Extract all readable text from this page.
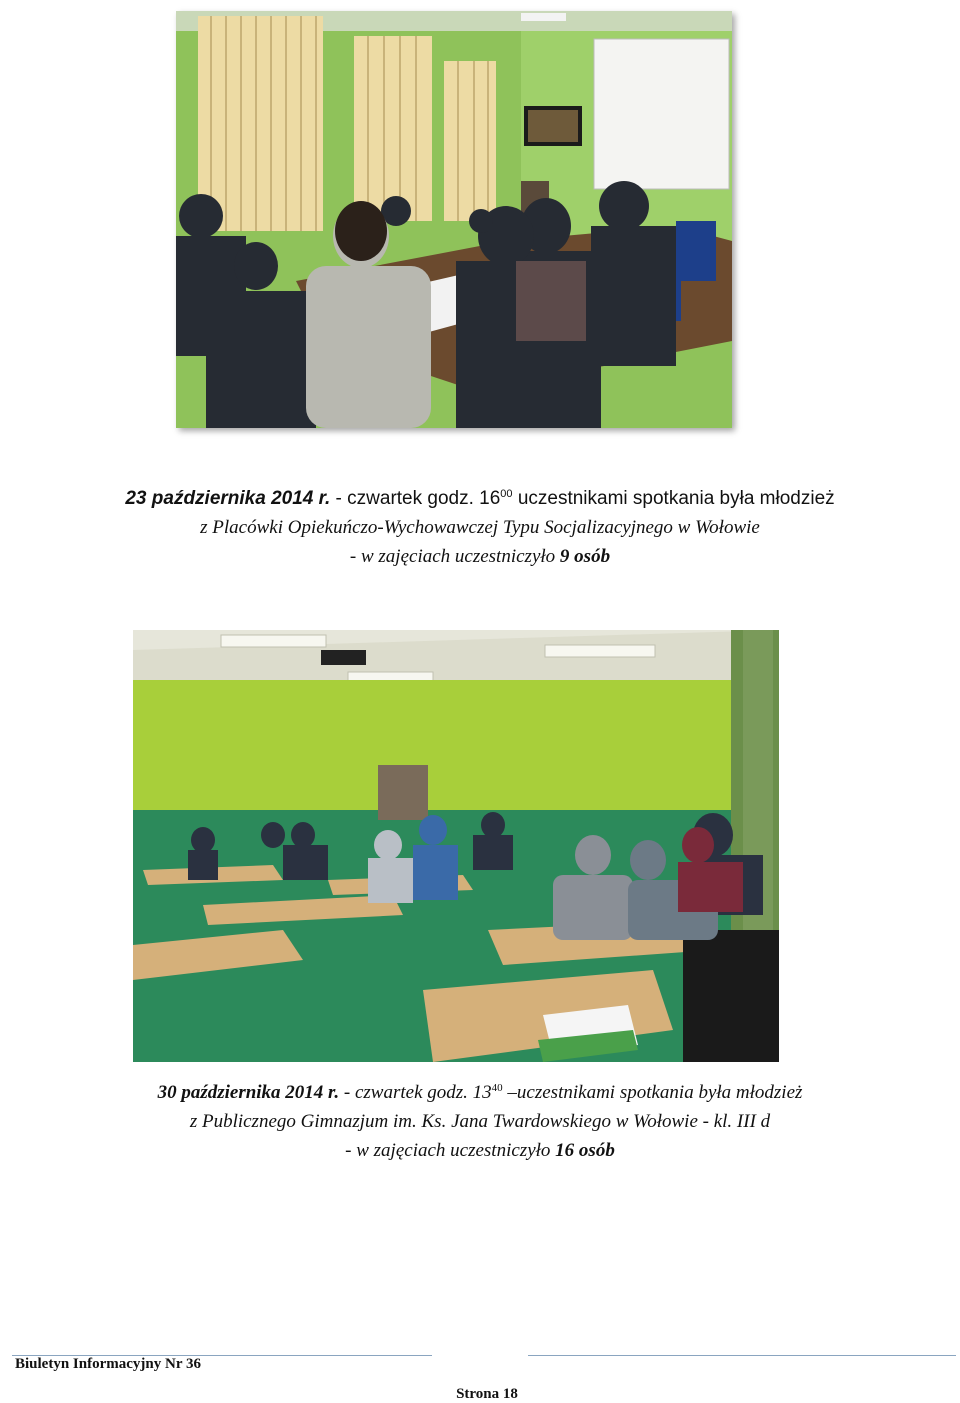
23 października 2014 r. - czwartek godz. $16^{00}$ uczestnikami spotkania była młodzież
z Placówki Opiekuńczo-Wychowawczej Typu Socjalizacyjnego w Wołowie
- w zajęciach uczestniczyło 9 osób
30 października 2014 r. - czwartek godz. $13^{40}$ –uczestnikami spotkania była młodzież
z Publicznego Gimnazjum im. Ks. Jana Twardowskiego w Wołowie - kl. III d
- w zajęciach uczestniczyło 16 osób
Biuletyn Informacyjny Nr 36
Strona 18
